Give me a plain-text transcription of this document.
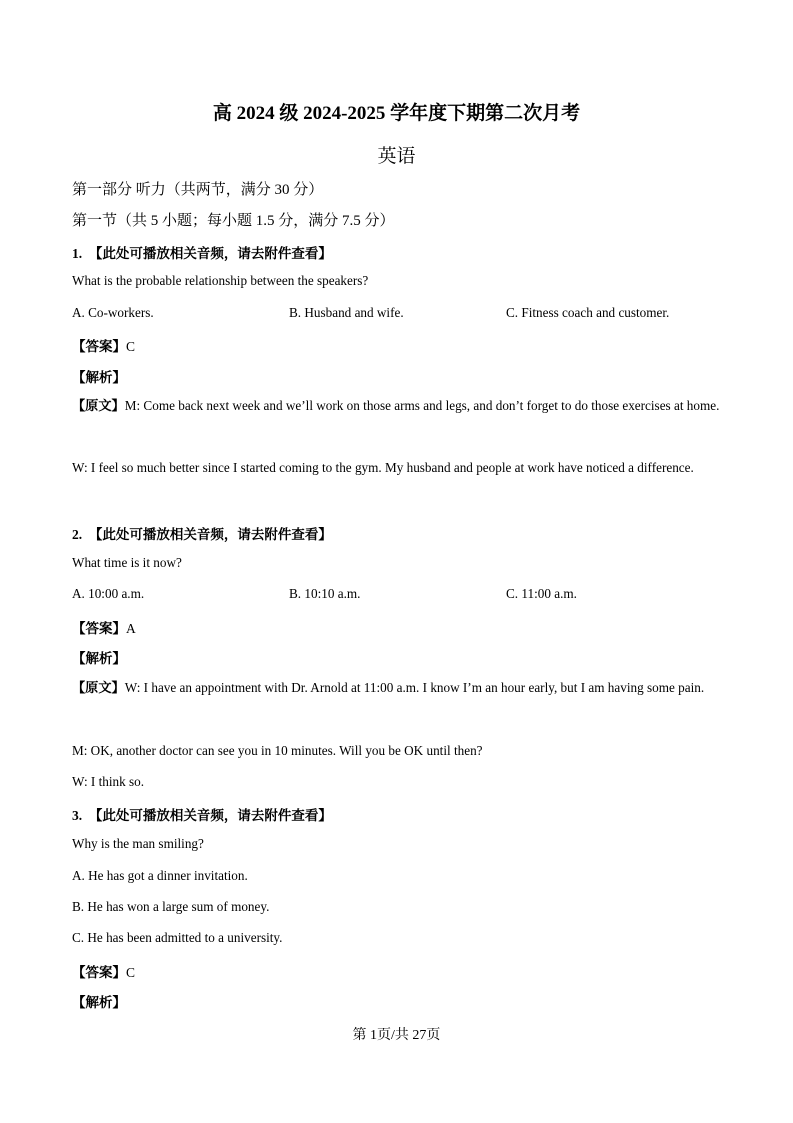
高 2024 级 2024-2025 学年度下期第二次月考
英语
第一部分 听力（共两节，满分 30 分）
第一节（共 5 小题；每小题 1.5 分，满分 7.5 分）
1. 【此处可播放相关音频，请去附件查看】
What is the probable relationship between the speakers?
A. Co-workers.	B. Husband and wife.	C. Fitness coach and customer.
【答案】C
【解析】
【原文】M: Come back next week and we’ll work on those arms and legs, and don’t forget to do those exercises at home.
W: I feel so much better since I started coming to the gym. My husband and people at work have noticed a difference.
2. 【此处可播放相关音频，请去附件查看】
What time is it now?
A. 10:00 a.m.	B. 10:10 a.m.	C. 11:00 a.m.
【答案】A
【解析】
【原文】W: I have an appointment with Dr. Arnold at 11:00 a.m. I know I’m an hour early, but I am having some pain.
M: OK, another doctor can see you in 10 minutes. Will you be OK until then?
W: I think so.
3. 【此处可播放相关音频，请去附件查看】
Why is the man smiling?
A. He has got a dinner invitation.
B. He has won a large sum of money.
C. He has been admitted to a university.
【答案】C
【解析】
第 1页/共 27页
